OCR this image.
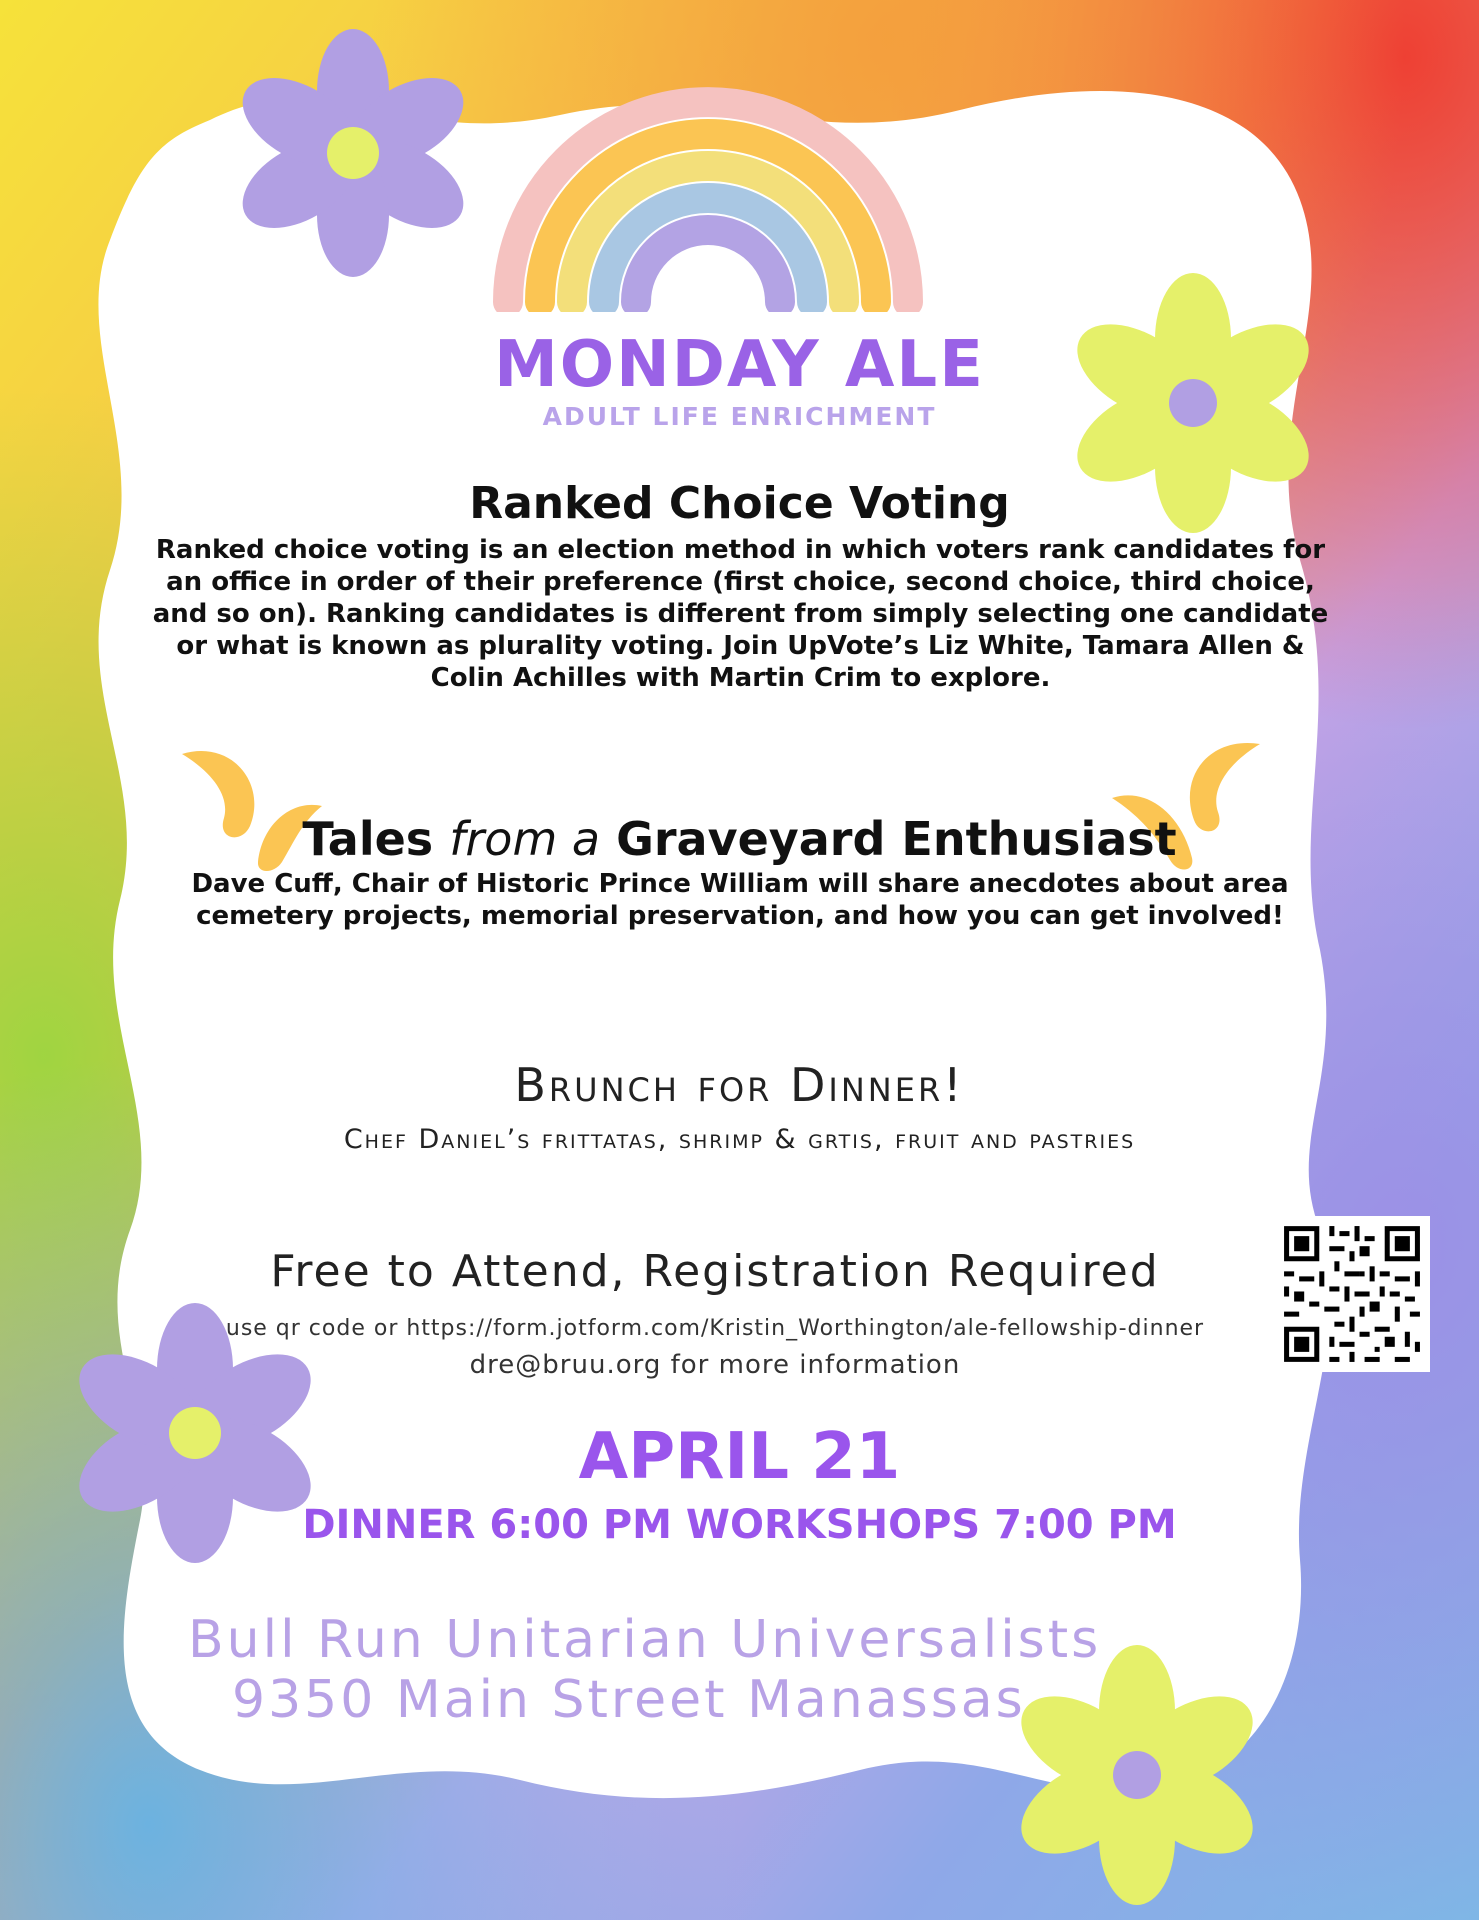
MONDAY ALE
ADULT LIFE ENRICHMENT
Ranked Choice Voting
Ranked choice voting is an election method in which voters rank candidates for
an office in order of their preference (first choice, second choice, third choice,
and so on). Ranking candidates is different from simply selecting one candidate
or what is known as plurality voting. Join UpVote’s Liz White, Tamara Allen &
Colin Achilles with Martin Crim to explore.
Tales from a Graveyard Enthusiast
Dave Cuff, Chair of Historic Prince William will share anecdotes about area
cemetery projects, memorial preservation, and how you can get involved!
Brunch for Dinner!
Chef Daniel’s frittatas, shrimp & grtis, fruit and pastries
Free to Attend, Registration Required
use qr code or https://form.jotform.com/Kristin_Worthington/ale-fellowship-dinner
dre@bruu.org for more information
APRIL 21
DINNER 6:00 PM WORKSHOPS 7:00 PM
Bull Run Unitarian Universalists
9350 Main Street Manassas
